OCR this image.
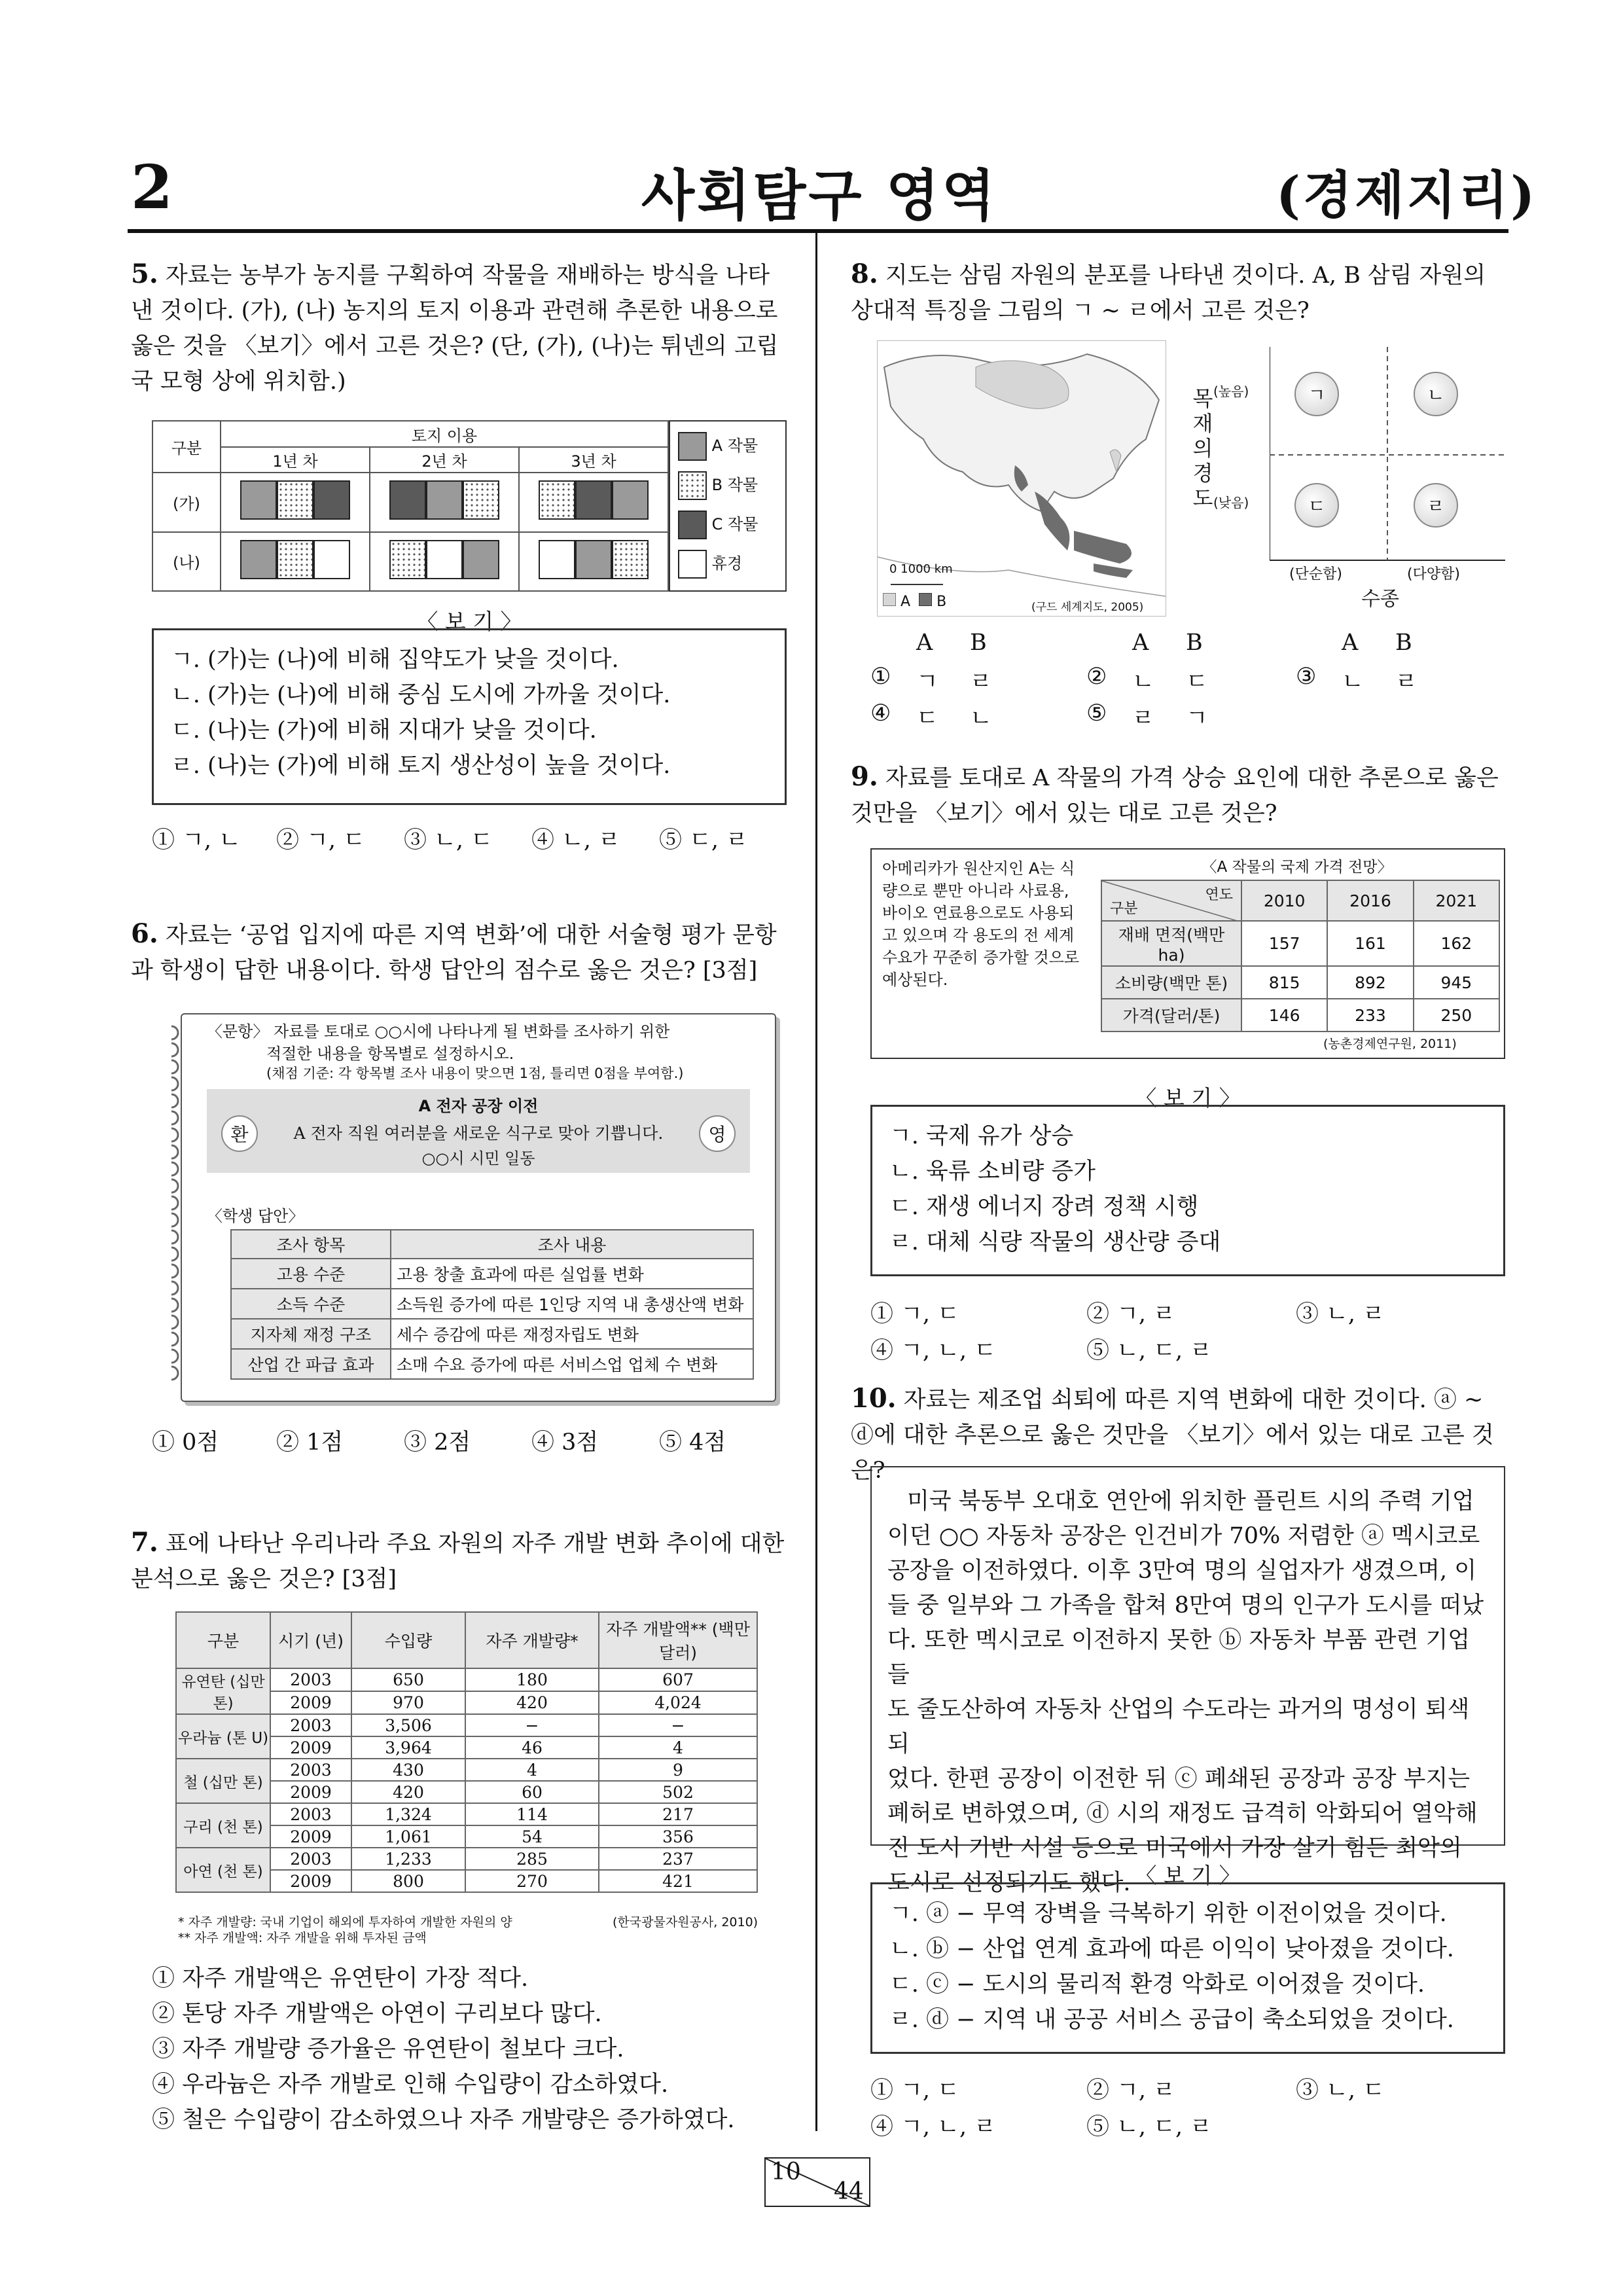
2	사회탐구 영역	(경제지리)
5. 자료는 농부가 농지를 구획하여 작물을 재배하는 방식을 나타낸 것이다. (가), (나) 농지의 토지 이용과 관련해 추론한 내용으로 옳은 것을 〈보기〉에서 고른 것은? (단, (가), (나)는 튀넨의 고립국 모형 상에 위치함.)
구분	토지 이용		
	1년 차	2년 차	3년 차
(가)			
(나)			
A 작물
B 작물
C 작물
휴경
〈 보 기 〉
ㄱ. (가)는 (나)에 비해 집약도가 낮을 것이다.
ㄴ. (가)는 (나)에 비해 중심 도시에 가까울 것이다.
ㄷ. (나)는 (가)에 비해 지대가 낮을 것이다.
ㄹ. (나)는 (가)에 비해 토지 생산성이 높을 것이다.
① ㄱ, ㄴ ② ㄱ, ㄷ ③ ㄴ, ㄷ ④ ㄴ, ㄹ ⑤ ㄷ, ㄹ
6. 자료는 ‘공업 입지에 따른 지역 변화’에 대한 서술형 평가 문항과 학생이 답한 내용이다. 학생 답안의 점수로 옳은 것은? [3점]
〈문항〉 자료를 토대로 ○○시에 나타나게 될 변화를 조사하기 위한
적절한 내용을 항목별로 설정하시오.
(채점 기준: 각 항목별 조사 내용이 맞으면 1점, 틀리면 0점을 부여함.)
A 전자 공장 이전
환	영
A 전자 직원 여러분을 새로운 식구로 맞아 기쁩니다.
○○시 시민 일동
〈학생 답안〉
조사 항목	조사 내용
고용 수준	고용 창출 효과에 따른 실업률 변화
소득 수준	소득원 증가에 따른 1인당 지역 내 총생산액 변화
지자체 재정 구조	세수 증감에 따른 재정자립도 변화
산업 간 파급 효과	소매 수요 증가에 따른 서비스업 업체 수 변화
① 0점	② 1점	③ 2점	④ 3점	⑤ 4점
7. 표에 나타난 우리나라 주요 자원의 자주 개발 변화 추이에 대한 분석으로 옳은 것은? [3점]
구분	시기 (년)	수입량	자주 개발량*	자주 개발액** (백만 달러)
유연탄 (십만 톤)	2003	650	180	607
	2009	970	420	4,024
우라늄 (톤 U)	2003	3,506	−	−
	2009	3,964	46	4
철 (십만 톤)	2003	430	4	9
	2009	420	60	502
구리 (천 톤)	2003	1,324	114	217
	2009	1,061	54	356
아연 (천 톤)	2003	1,233	285	237
	2009	800	270	421
* 자주 개발량: 국내 기업이 해외에 투자하여 개발한 자원의 양
** 자주 개발액: 자주 개발을 위해 투자된 금액
(한국광물자원공사, 2010)
① 자주 개발액은 유연탄이 가장 적다.
② 톤당 자주 개발액은 아연이 구리보다 많다.
③ 자주 개발량 증가율은 유연탄이 철보다 크다.
④ 우라늄은 자주 개발로 인해 수입량이 감소하였다.
⑤ 철은 수입량이 감소하였으나 자주 개발량은 증가하였다.
8. 지도는 삼림 자원의 분포를 나타낸 것이다. A, B 삼림 자원의 상대적 특징을 그림의 ㄱ ~ ㄹ에서 고른 것은?
0 1000 km
A B	(구드 세계지도, 2005)
목재의 경도
(높음)
(낮음)
ㄱ	ㄴ
ㄷ	ㄹ
(단순함)	(다양함)
수종
A B	A B	A B
① ㄱ ㄹ	② ㄴ ㄷ	③ ㄴ ㄹ
④ ㄷ ㄴ	⑤ ㄹ ㄱ
9. 자료를 토대로 A 작물의 가격 상승 요인에 대한 추론으로 옳은 것만을 〈보기〉에서 있는 대로 고른 것은?
아메리카가 원산지인 A는 식량으로 뿐만 아니라 사료용, 바이오 연료용으로도 사용되고 있으며 각 용도의 전 세계 수요가 꾸준히 증가할 것으로 예상된다.
〈A 작물의 국제 가격 전망〉
연도
구분	2010	2016	2021
재배 면적(백만 ha)	157	161	162
소비량(백만 톤)	815	892	945
가격(달러/톤)	146	233	250
(농촌경제연구원, 2011)
〈 보 기 〉
ㄱ. 국제 유가 상승
ㄴ. 육류 소비량 증가
ㄷ. 재생 에너지 장려 정책 시행
ㄹ. 대체 식량 작물의 생산량 증대
① ㄱ, ㄷ	② ㄱ, ㄹ	③ ㄴ, ㄹ
④ ㄱ, ㄴ, ㄷ	⑤ ㄴ, ㄷ, ㄹ
10. 자료는 제조업 쇠퇴에 따른 지역 변화에 대한 것이다. ⓐ ~ ⓓ에 대한 추론으로 옳은 것만을 〈보기〉에서 있는 대로 고른 것은?
미국 북동부 오대호 연안에 위치한 플린트 시의 주력 기업
이던 ○○ 자동차 공장은 인건비가 70% 저렴한 ⓐ 멕시코로
공장을 이전하였다. 이후 3만여 명의 실업자가 생겼으며, 이
들 중 일부와 그 가족을 합쳐 8만여 명의 인구가 도시를 떠났
다. 또한 멕시코로 이전하지 못한 ⓑ 자동차 부품 관련 기업들
도 줄도산하여 자동차 산업의 수도라는 과거의 명성이 퇴색되
었다. 한편 공장이 이전한 뒤 ⓒ 폐쇄된 공장과 공장 부지는
폐허로 변하였으며, ⓓ 시의 재정도 급격히 악화되어 열악해
진 도시 기반 시설 등으로 미국에서 가장 살기 힘든 최악의
도시로 선정되기도 했다. 〈 보 기 〉
ㄱ. ⓐ − 무역 장벽을 극복하기 위한 이전이었을 것이다.
ㄴ. ⓑ − 산업 연계 효과에 따른 이익이 낮아졌을 것이다.
ㄷ. ⓒ − 도시의 물리적 환경 악화로 이어졌을 것이다.
ㄹ. ⓓ − 지역 내 공공 서비스 공급이 축소되었을 것이다.
① ㄱ, ㄷ	② ㄱ, ㄹ	③ ㄴ, ㄷ
④ ㄱ, ㄴ, ㄹ	⑤ ㄴ, ㄷ, ㄹ
10
44
